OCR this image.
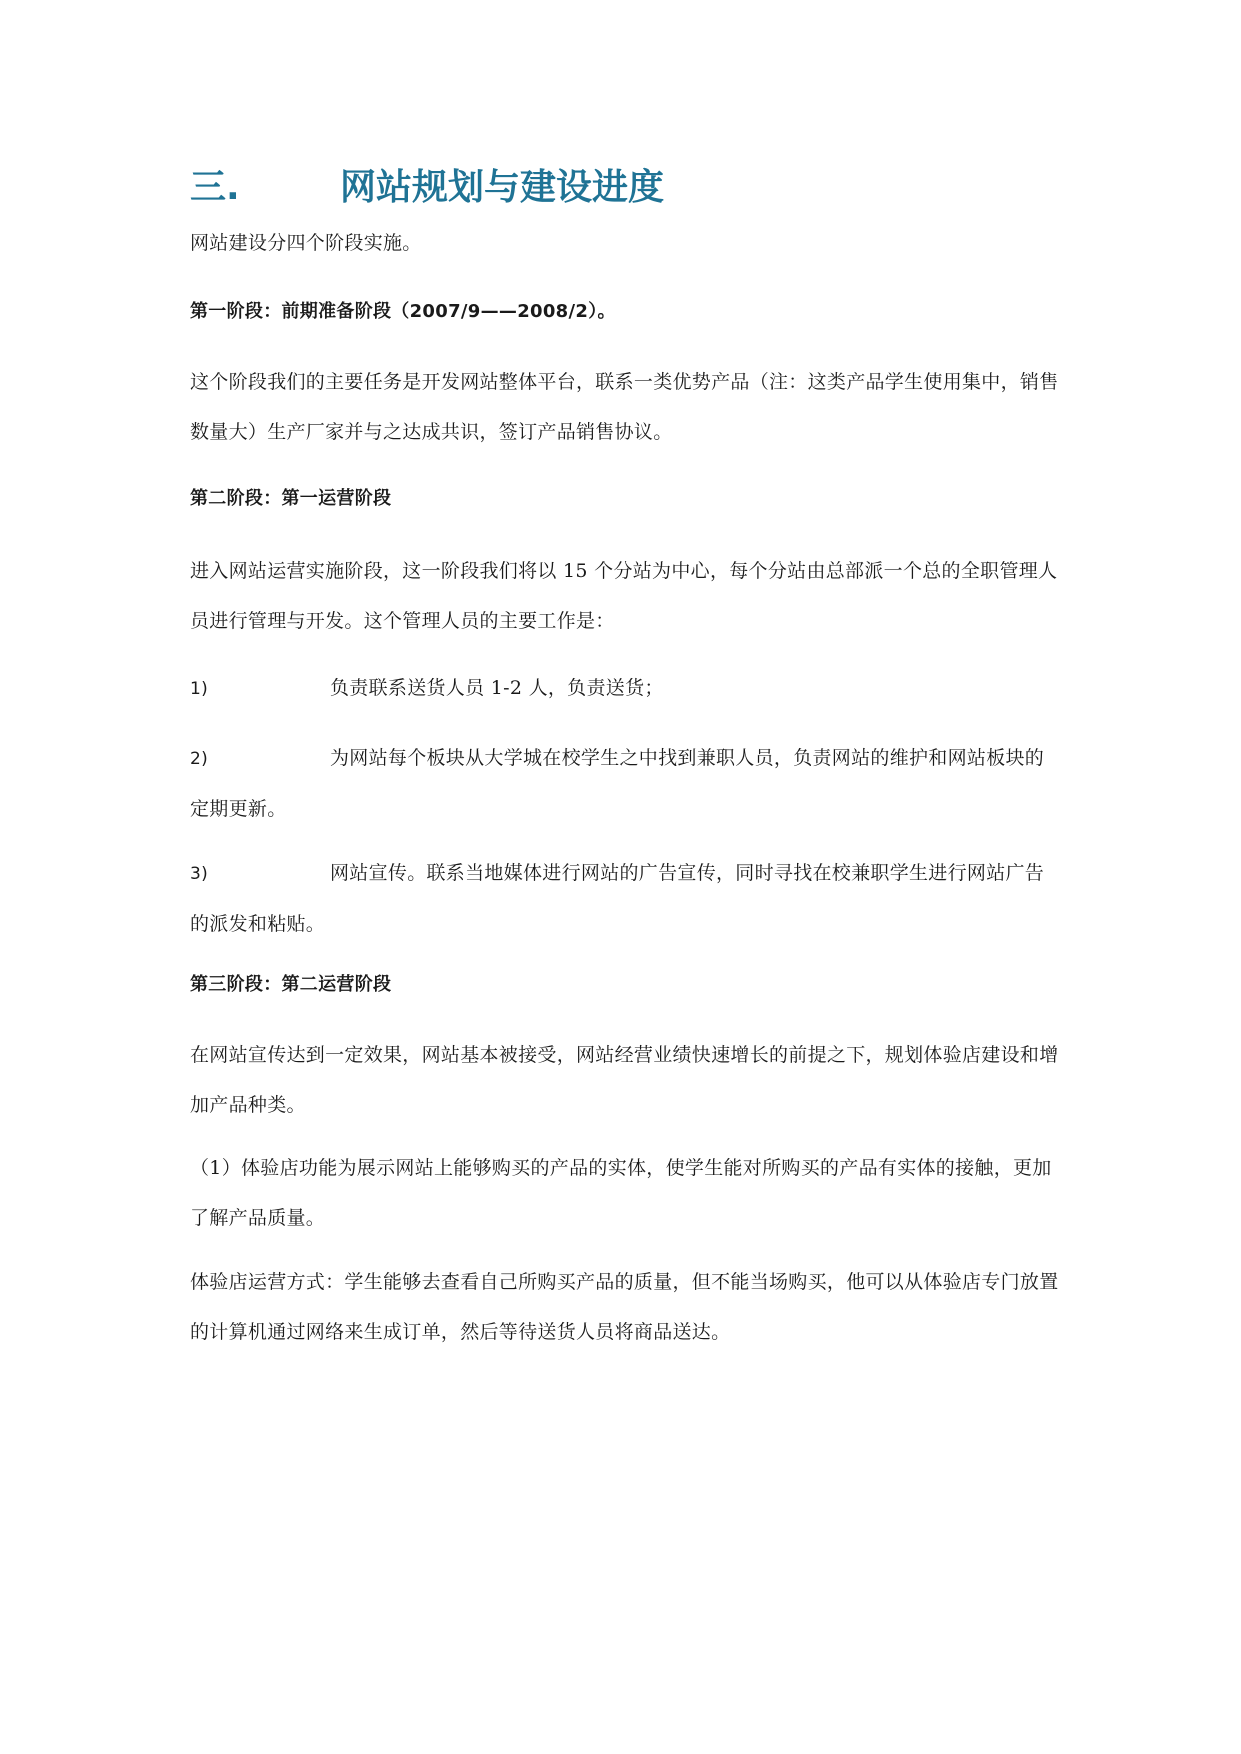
三.	网站规划与建设进度
网站建设分四个阶段实施。
第一阶段：前期准备阶段（2007/9——2008/2）。
这个阶段我们的主要任务是开发网站整体平台，联系一类优势产品（注：这类产品学生使用集中，销售数量大）生产厂家并与之达成共识，签订产品销售协议。
第二阶段：第一运营阶段
进入网站运营实施阶段，这一阶段我们将以 15 个分站为中心，每个分站由总部派一个总的全职管理人员进行管理与开发。这个管理人员的主要工作是：
1)	负责联系送货人员 1-2 人，负责送货；
2)	为网站每个板块从大学城在校学生之中找到兼职人员，负责网站的维护和网站板块的定期更新。
3)	网站宣传。联系当地媒体进行网站的广告宣传，同时寻找在校兼职学生进行网站广告的派发和粘贴。
第三阶段：第二运营阶段
在网站宣传达到一定效果，网站基本被接受，网站经营业绩快速增长的前提之下，规划体验店建设和增加产品种类。
（1）体验店功能为展示网站上能够购买的产品的实体，使学生能对所购买的产品有实体的接触，更加了解产品质量。
体验店运营方式：学生能够去查看自己所购买产品的质量，但不能当场购买，他可以从体验店专门放置的计算机通过网络来生成订单，然后等待送货人员将商品送达。
